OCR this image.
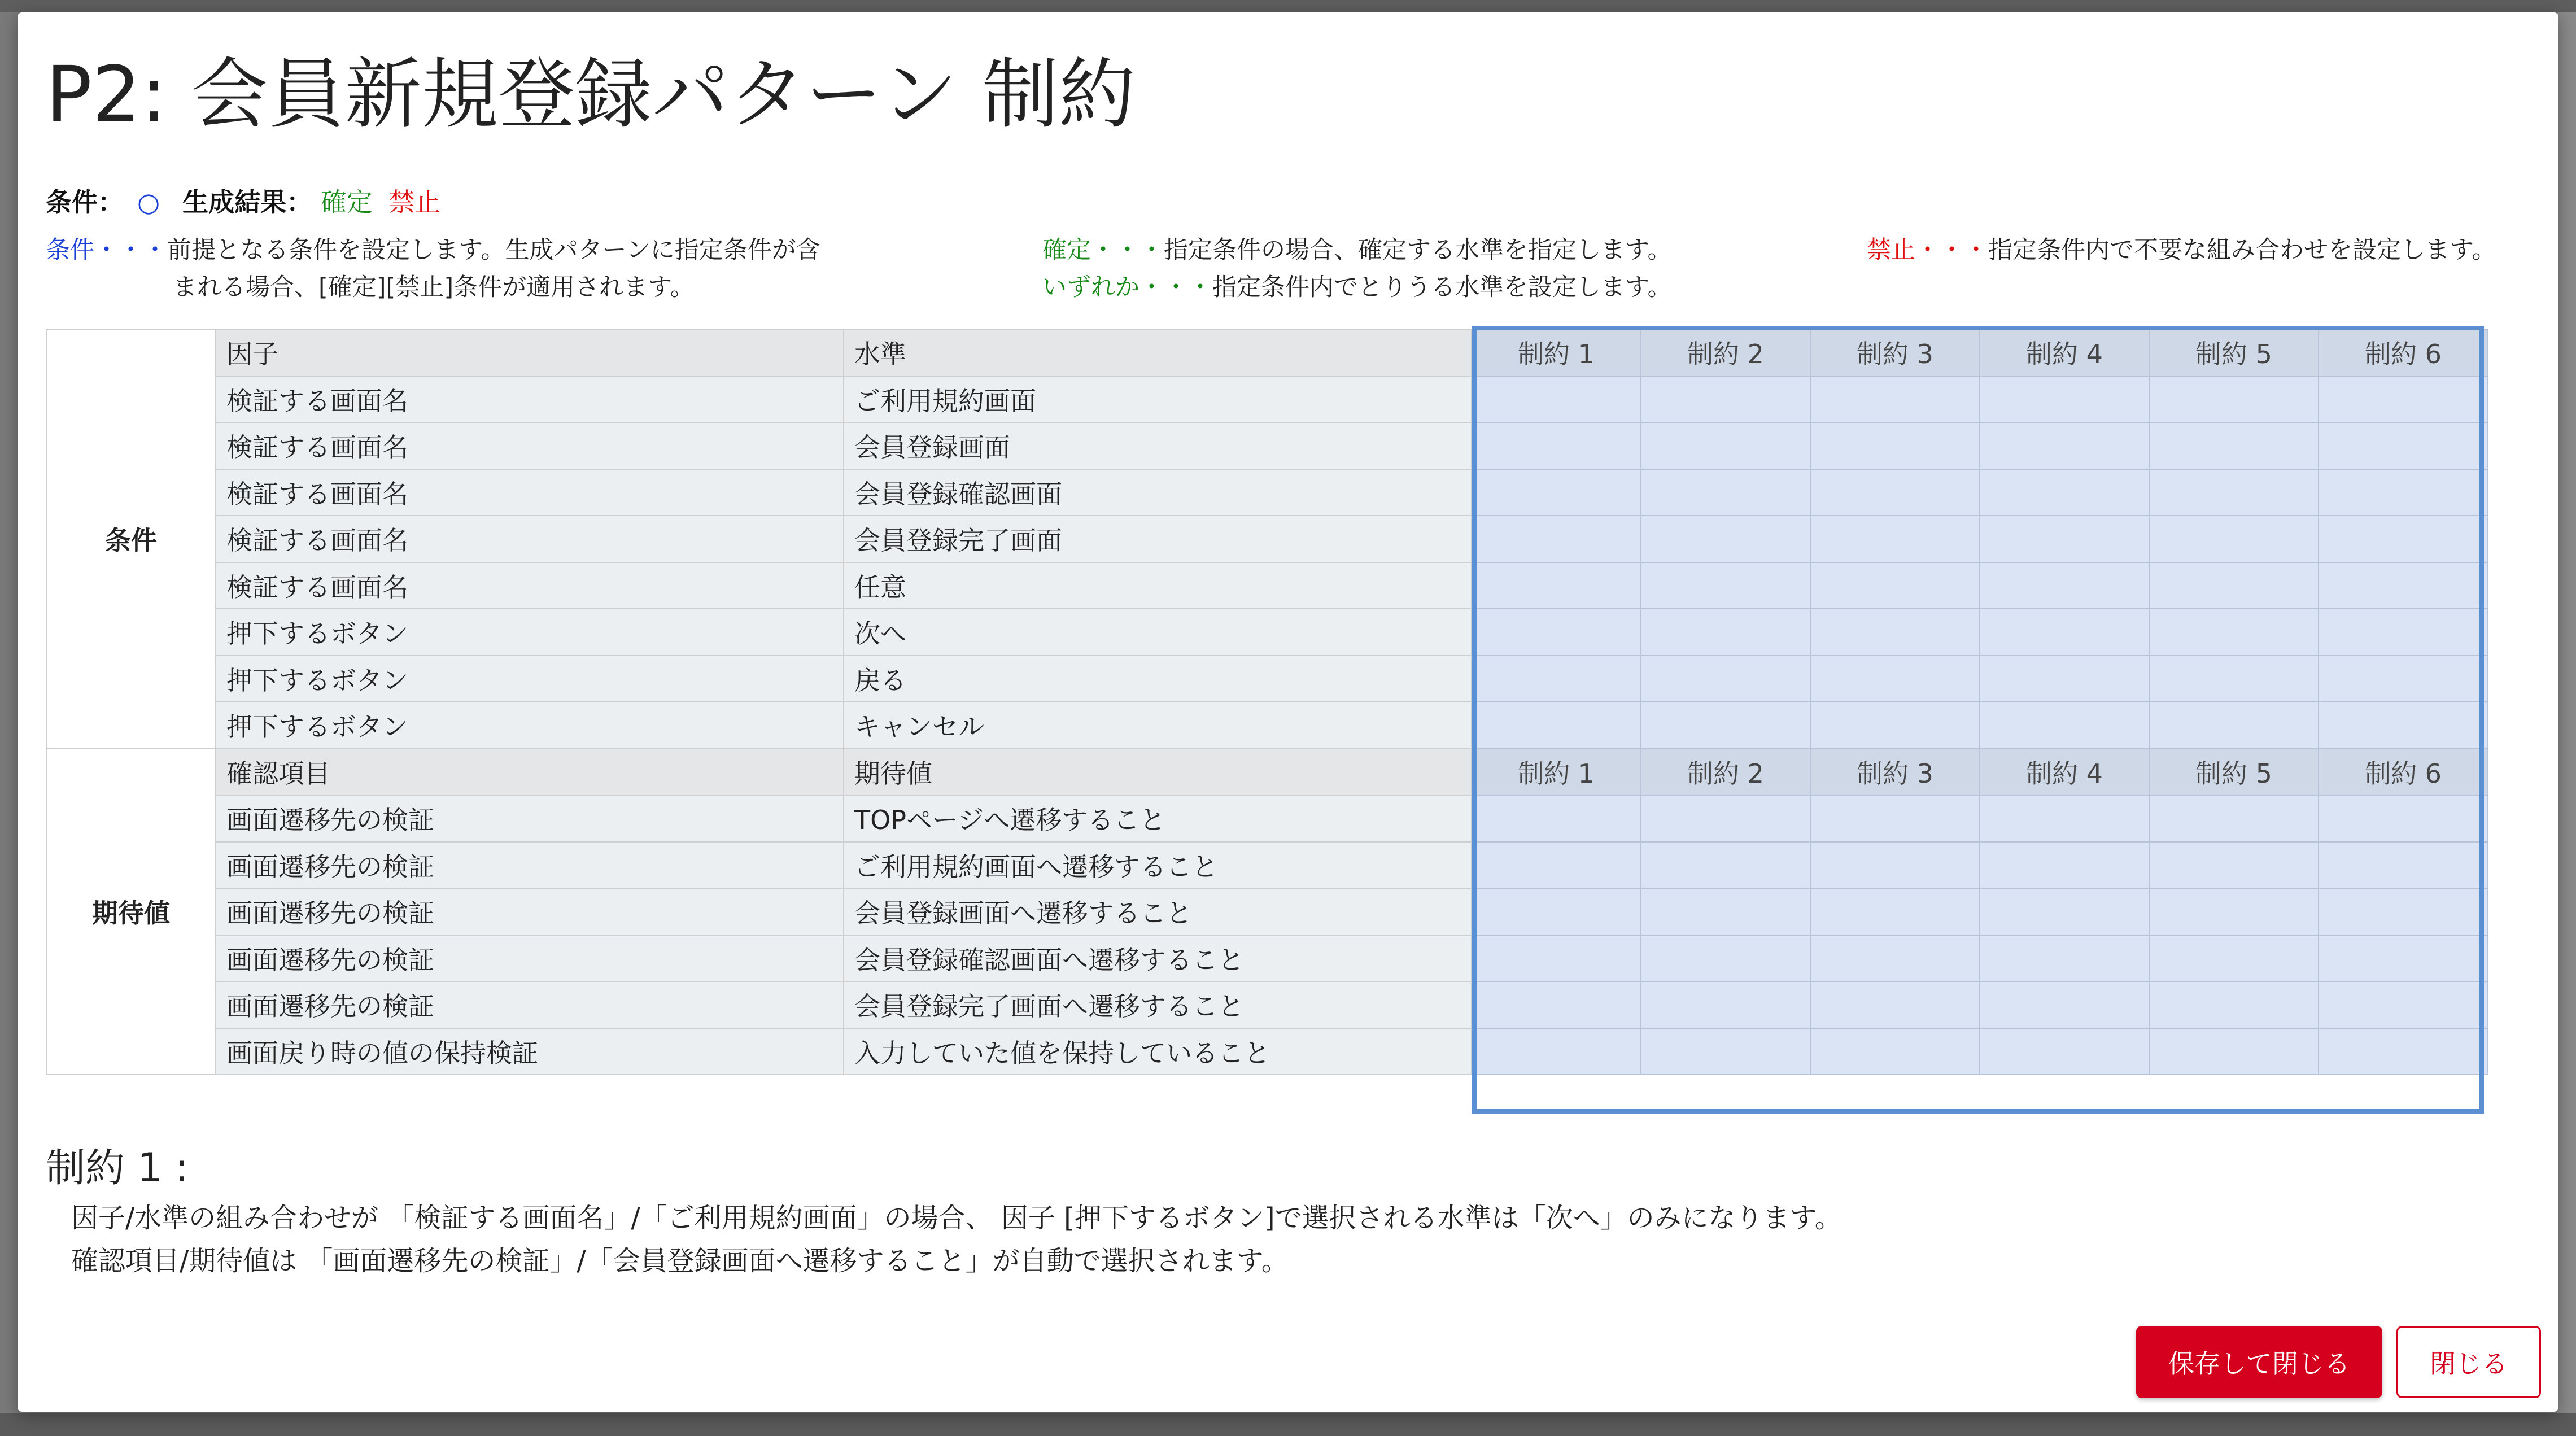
P2: 会員新規登録パターン 制約
条件： ○ 生成結果： 確定 禁止
条件・・・前提となる条件を設定します。生成パターンに指定条件が含
まれる場合、[確定][禁止]条件が適用されます。
確定・・・指定条件の場合、確定する水準を指定します。
いずれか・・・指定条件内でとりうる水準を設定します。
禁止・・・指定条件内で不要な組み合わせを設定します。
条件	因子	水準	制約 1	制約 2	制約 3	制約 4	制約 5	制約 6
	検証する画面名	ご利用規約画面						
	検証する画面名	会員登録画面						
	検証する画面名	会員登録確認画面						
	検証する画面名	会員登録完了画面						
	検証する画面名	任意						
	押下するボタン	次へ						
	押下するボタン	戻る						
	押下するボタン	キャンセル						
期待値	確認項目	期待値	制約 1	制約 2	制約 3	制約 4	制約 5	制約 6
	画面遷移先の検証	TOPページへ遷移すること						
	画面遷移先の検証	ご利用規約画面へ遷移すること						
	画面遷移先の検証	会員登録画面へ遷移すること						
	画面遷移先の検証	会員登録確認画面へ遷移すること						
	画面遷移先の検証	会員登録完了画面へ遷移すること						
	画面戻り時の値の保持検証	入力していた値を保持していること						
制約 1 :
因子/水準の組み合わせが 「検証する画面名」/「ご利用規約画面」の場合、 因子 [押下するボタン]で選択される水準は「次へ」のみになります。
確認項目/期待値は 「画面遷移先の検証」/「会員登録画面へ遷移すること」が自動で選択されます。
保存して閉じる	閉じる
